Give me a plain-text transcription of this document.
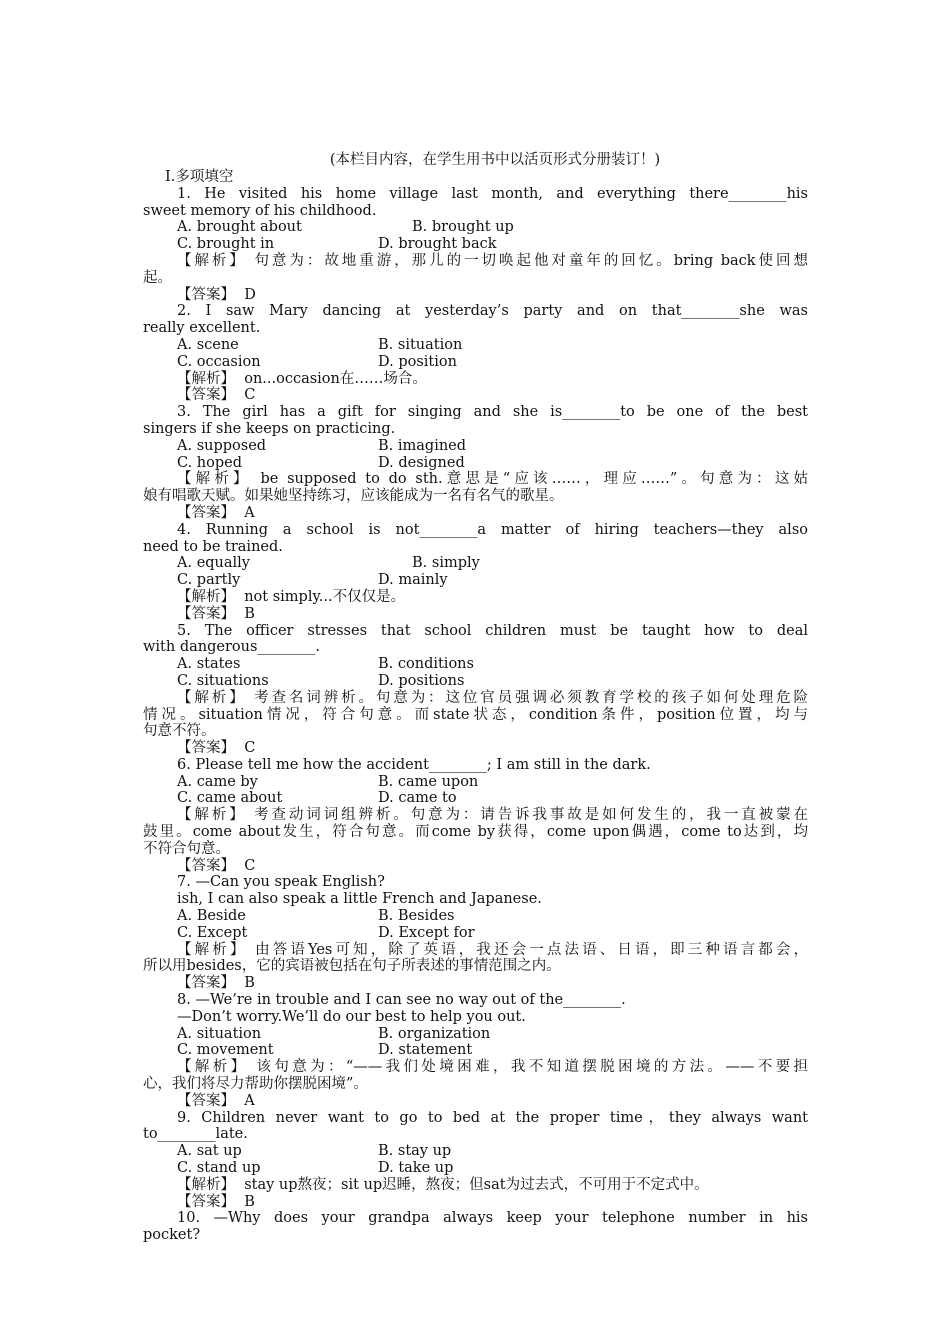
(本栏目内容，在学生用书中以活页形式分册装订！)
Ⅰ.多项填空
1. He visited his home village last month, and everything there________his
sweet memory of his childhood.
A. brought about	B. brought up
C. brought in	D. brought back
【解析】 句意为：故地重游，那儿的一切唤起他对童年的回忆。bring back使回想
起。
【答案】  D
2. I saw Mary dancing at yesterday’s party and on that________she was
really excellent.
A. scene	B. situation
C. occasion	D. position
【解析】  on...occasion在……场合。
【答案】  C
3. The girl has a gift for singing and she is________to be one of the best
singers if she keeps on practicing.
A. supposed	B. imagined
C. hoped	D. designed
【解析】 be supposed to do sth.意思是“应该……，理应……”。句意为：这姑
娘有唱歌天赋。如果她坚持练习，应该能成为一名有名气的歌星。
【答案】  A
4. Running a school is not________a matter of hiring teachers—they also
need to be trained.
A. equally	B. simply
C. partly	D. mainly
【解析】  not simply...不仅仅是。
【答案】  B
5. The officer stresses that school children must be taught how to deal
with dangerous________.
A. states	B. conditions
C. situations	D. positions
【解析】 考查名词辨析。句意为：这位官员强调必须教育学校的孩子如何处理危险
情况。situation情况，符合句意。而state状态，condition条件，position位置，均与
句意不符。
【答案】  C
6. Please tell me how the accident________; I am still in the dark.
A. came by	B. came upon
C. came about	D. came to
【解析】 考查动词词组辨析。句意为：请告诉我事故是如何发生的，我一直被蒙在
鼓里。come about发生，符合句意。而come by获得，come upon偶遇，come to达到，均
不符合句意。
【答案】  C
7. —Can you speak English?
ish, I can also speak a little French and Japanese.
A. Beside	B. Besides
C. Except	D. Except for
【解析】 由答语Yes可知，除了英语，我还会一点法语、日语，即三种语言都会，
所以用besides，它的宾语被包括在句子所表述的事情范围之内。
【答案】  B
8. —We’re in trouble and I can see no way out of the________.
—Don’t worry.We’ll do our best to help you out.
A. situation	B. organization
C. movement	D. statement
【解析】 该句意为：“——我们处境困难，我不知道摆脱困境的方法。——不要担
心，我们将尽力帮助你摆脱困境”。
【答案】  A
9. Children never want to go to bed at the proper time，they always want
to________late.
A. sat up	B. stay up
C. stand up	D. take up
【解析】  stay up熬夜；sit up迟睡，熬夜；但sat为过去式，不可用于不定式中。
【答案】  B
10. —Why does your grandpa always keep your telephone number in his
pocket?
